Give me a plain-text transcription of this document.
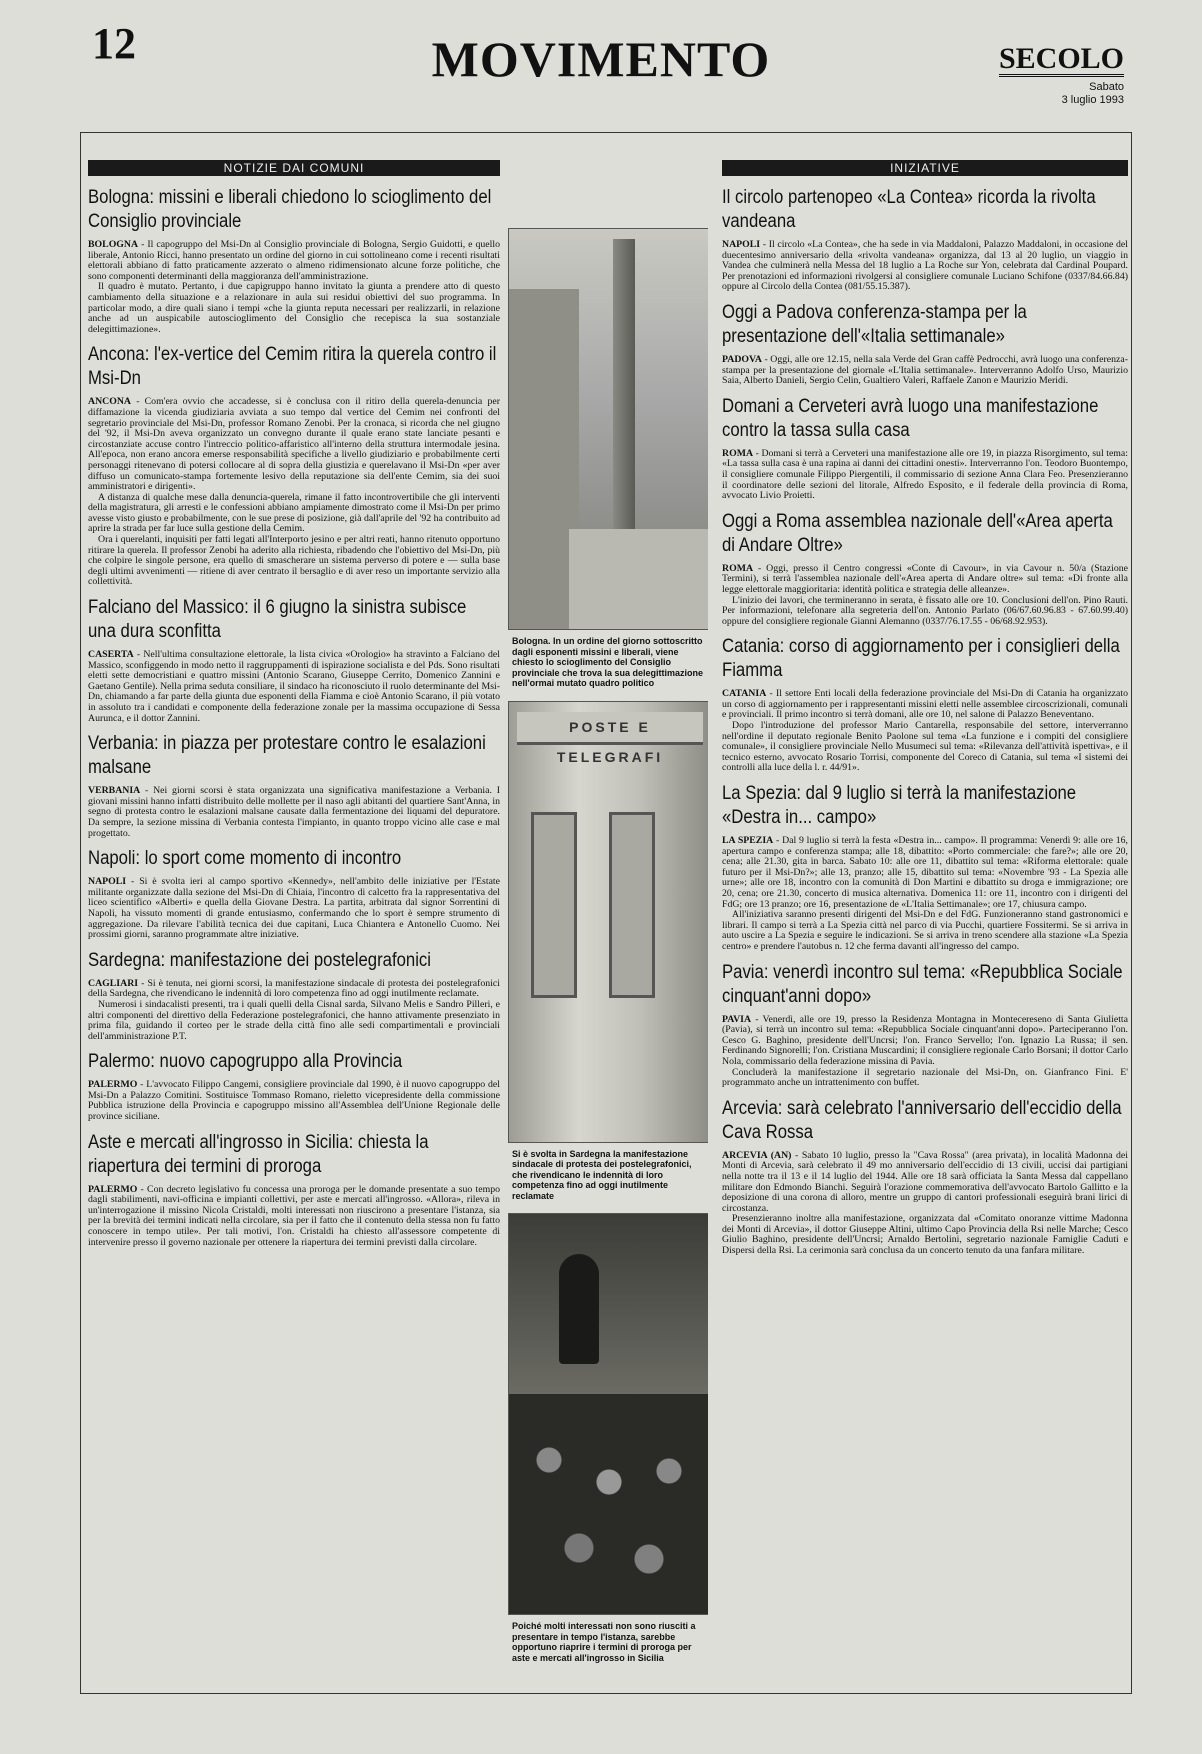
12	MOVIMENTO	SECOLO
Sabato
3 luglio 1993
NOTIZIE DAI COMUNI
Bologna: missini e liberali chiedono lo scioglimento del Consiglio provinciale
BOLOGNA - Il capogruppo del Msi-Dn al Consiglio provinciale di Bologna, Sergio Guidotti, e quello liberale, Antonio Ricci, hanno presentato un ordine del giorno in cui sottolineano come i recenti risultati elettorali abbiano di fatto praticamente azzerato o almeno ridimensionato alcune forze politiche, che sono componenti determinanti della maggioranza dell'amministrazione.
Il quadro è mutato. Pertanto, i due capigruppo hanno invitato la giunta a prendere atto di questo cambiamento della situazione e a relazionare in aula sui residui obiettivi del suo programma. In particolar modo, a dire quali siano i tempi «che la giunta reputa necessari per realizzarli, in relazione anche ad un auspicabile autoscioglimento del Consiglio che recepisca la sua sostanziale delegittimazione».
Ancona: l'ex-vertice del Cemim ritira la querela contro il Msi-Dn
ANCONA - Com'era ovvio che accadesse, si è conclusa con il ritiro della querela-denuncia per diffamazione la vicenda giudiziaria avviata a suo tempo dal vertice del Cemim nei confronti del segretario provinciale del Msi-Dn, professor Romano Zenobi. Per la cronaca, si ricorda che nel giugno del '92, il Msi-Dn aveva organizzato un convegno durante il quale erano state lanciate pesanti e circostanziate accuse contro l'intreccio politico-affaristico all'interno della struttura intermodale jesina. All'epoca, non erano ancora emerse responsabilità specifiche a livello giudiziario e probabilmente certi personaggi ritenevano di potersi collocare al di sopra della giustizia e querelavano il Msi-Dn «per aver diffuso un comunicato-stampa fortemente lesivo della reputazione sia dell'ente Cemim, sia dei suoi amministratori e dirigenti».
A distanza di qualche mese dalla denuncia-querela, rimane il fatto incontrovertibile che gli interventi della magistratura, gli arresti e le confessioni abbiano ampiamente dimostrato come il Msi-Dn per primo avesse visto giusto e probabilmente, con le sue prese di posizione, già dall'aprile del '92 ha contribuito ad aprire la strada per far luce sulla gestione della Cemim.
Ora i querelanti, inquisiti per fatti legati all'Interporto jesino e per altri reati, hanno ritenuto opportuno ritirare la querela. Il professor Zenobi ha aderito alla richiesta, ribadendo che l'obiettivo del Msi-Dn, più che colpire le singole persone, era quello di smascherare un sistema perverso di potere e — sulla base degli ultimi avvenimenti — ritiene di aver centrato il bersaglio e di aver reso un importante servizio alla collettività.
Falciano del Massico: il 6 giugno la sinistra subisce una dura sconfitta
CASERTA - Nell'ultima consultazione elettorale, la lista civica «Orologio» ha stravinto a Falciano del Massico, sconfiggendo in modo netto il raggruppamenti di ispirazione socialista e del Pds. Sono risultati eletti sette democristiani e quattro missini (Antonio Scarano, Giuseppe Cerrito, Domenico Zannini e Gaetano Gentile). Nella prima seduta consiliare, il sindaco ha riconosciuto il ruolo determinante del Msi-Dn, chiamando a far parte della giunta due esponenti della Fiamma e cioè Antonio Scarano, il più votato in assoluto tra i candidati e componente della federazione zonale per la massima occupazione di Sessa Aurunca, e il dottor Zannini.
Verbania: in piazza per protestare contro le esalazioni malsane
VERBANIA - Nei giorni scorsi è stata organizzata una significativa manifestazione a Verbania. I giovani missini hanno infatti distribuito delle mollette per il naso agli abitanti del quartiere Sant'Anna, in segno di protesta contro le esalazioni malsane causate dalla fermentazione dei liquami del depuratore. Da sempre, la sezione missina di Verbania contesta l'impianto, in quanto troppo vicino alle case e mal progettato.
Napoli: lo sport come momento di incontro
NAPOLI - Si è svolta ieri al campo sportivo «Kennedy», nell'ambito delle iniziative per l'Estate militante organizzate dalla sezione del Msi-Dn di Chiaia, l'incontro di calcetto fra la rappresentativa del liceo scientifico «Alberti» e quella della Giovane Destra. La partita, arbitrata dal signor Sorrentini di Napoli, ha vissuto momenti di grande entusiasmo, confermando che lo sport è sempre strumento di aggregazione. Da rilevare l'abilità tecnica dei due capitani, Luca Chiantera e Antonello Cuomo. Nei prossimi giorni, saranno programmate altre iniziative.
Sardegna: manifestazione dei postelegrafonici
CAGLIARI - Si è tenuta, nei giorni scorsi, la manifestazione sindacale di protesta dei postelegrafonici della Sardegna, che rivendicano le indennità di loro competenza fino ad oggi inutilmente reclamate.
Numerosi i sindacalisti presenti, tra i quali quelli della Cisnal sarda, Silvano Melis e Sandro Pilleri, e altri componenti del direttivo della Federazione postelegrafonici, che hanno attivamente presenziato in prima fila, guidando il corteo per le strade della città fino alle sedi compartimentali e provinciali dell'amministrazione P.T.
Palermo: nuovo capogruppo alla Provincia
PALERMO - L'avvocato Filippo Cangemi, consigliere provinciale dal 1990, è il nuovo capogruppo del Msi-Dn a Palazzo Comitini. Sostituisce Tommaso Romano, rieletto vicepresidente della commissione Pubblica istruzione della Provincia e capogruppo missino all'Assemblea dell'Unione Regionale delle province siciliane.
Aste e mercati all'ingrosso in Sicilia: chiesta la riapertura dei termini di proroga
PALERMO - Con decreto legislativo fu concessa una proroga per le domande presentate a suo tempo dagli stabilimenti, navi-officina e impianti collettivi, per aste e mercati all'ingrosso. «Allora», rileva in un'interrogazione il missino Nicola Cristaldi, molti interessati non riuscirono a presentare l'istanza, sia per la brevità dei termini indicati nella circolare, sia per il fatto che il contenuto della stessa non fu fatto conoscere in tempo utile». Per tali motivi, l'on. Cristaldi ha chiesto all'assessore competente di intervenire presso il governo nazionale per ottenere la riapertura dei termini previsti dalla circolare.
Bologna. In un ordine del giorno sottoscritto dagli esponenti missini e liberali, viene chiesto lo scioglimento del Consiglio provinciale che trova la sua delegittimazione nell'ormai mutato quadro politico
POSTE E TELEGRAFI
Si è svolta in Sardegna la manifestazione sindacale di protesta dei postelegrafonici, che rivendicano le indennità di loro competenza fino ad oggi inutilmente reclamate
Poiché molti interessati non sono riusciti a presentare in tempo l'istanza, sarebbe opportuno riaprire i termini di proroga per aste e mercati all'ingrosso in Sicilia
INIZIATIVE
Il circolo partenopeo «La Contea» ricorda la rivolta vandeana
NAPOLI - Il circolo «La Contea», che ha sede in via Maddaloni, Palazzo Maddaloni, in occasione del duecentesimo anniversario della «rivolta vandeana» organizza, dal 13 al 20 luglio, un viaggio in Vandea che culminerà nella Messa del 18 luglio a La Roche sur Yon, celebrata dal Cardinal Poupard. Per prenotazioni ed informazioni rivolgersi al consigliere comunale Luciano Schifone (0337/84.66.84) oppure al Circolo della Contea (081/55.15.387).
Oggi a Padova conferenza-stampa per la presentazione dell'«Italia settimanale»
PADOVA - Oggi, alle ore 12.15, nella sala Verde del Gran caffè Pedrocchi, avrà luogo una conferenza-stampa per la presentazione del giornale «L'Italia settimanale». Interverranno Adolfo Urso, Maurizio Saia, Alberto Danieli, Sergio Celin, Gualtiero Valeri, Raffaele Zanon e Maurizio Meridi.
Domani a Cerveteri avrà luogo una manifestazione contro la tassa sulla casa
ROMA - Domani si terrà a Cerveteri una manifestazione alle ore 19, in piazza Risorgimento, sul tema: «La tassa sulla casa è una rapina ai danni dei cittadini onesti». Interverranno l'on. Teodoro Buontempo, il consigliere comunale Filippo Piergentili, il commissario di sezione Anna Clara Feo. Presenzieranno il coordinatore delle sezioni del litorale, Alfredo Esposito, e il federale della provincia di Roma, avvocato Livio Proietti.
Oggi a Roma assemblea nazionale dell'«Area aperta di Andare Oltre»
ROMA - Oggi, presso il Centro congressi «Conte di Cavour», in via Cavour n. 50/a (Stazione Termini), si terrà l'assemblea nazionale dell'«Area aperta di Andare oltre» sul tema: «Di fronte alla legge elettorale maggioritaria: identità politica e strategia delle alleanze».
L'inizio dei lavori, che termineranno in serata, è fissato alle ore 10. Conclusioni dell'on. Pino Rauti. Per informazioni, telefonare alla segreteria dell'on. Antonio Parlato (06/67.60.96.83 - 67.60.99.40) oppure del consigliere regionale Gianni Alemanno (0337/76.17.55 - 06/68.92.953).
Catania: corso di aggiornamento per i consiglieri della Fiamma
CATANIA - Il settore Enti locali della federazione provinciale del Msi-Dn di Catania ha organizzato un corso di aggiornamento per i rappresentanti missini eletti nelle assemblee circoscrizionali, comunali e provinciali. Il primo incontro si terrà domani, alle ore 10, nel salone di Palazzo Beneventano.
Dopo l'introduzione del professor Mario Cantarella, responsabile del settore, interverranno nell'ordine il deputato regionale Benito Paolone sul tema «La funzione e i compiti del consigliere comunale», il consigliere provinciale Nello Musumeci sul tema: «Rilevanza dell'attività ispettiva», e il tecnico esterno, avvocato Rosario Torrisi, componente del Coreco di Catania, sul tema «I sistemi dei controlli alla luce della l. r. 44/91».
La Spezia: dal 9 luglio si terrà la manifestazione «Destra in... campo»
LA SPEZIA - Dal 9 luglio si terrà la festa «Destra in... campo». Il programma: Venerdì 9: alle ore 16, apertura campo e conferenza stampa; alle 18, dibattito: «Porto commerciale: che fare?»; alle ore 20, cena; alle 21.30, gita in barca. Sabato 10: alle ore 11, dibattito sul tema: «Riforma elettorale: quale futuro per il Msi-Dn?»; alle 13, pranzo; alle 15, dibattito sul tema: «Novembre '93 - La Spezia alle urne»; alle ore 18, incontro con la comunità di Don Martini e dibattito su droga e immigrazione; ore 20, cena; ore 21.30, concerto di musica alternativa. Domenica 11: ore 11, incontro con i dirigenti del FdG; ore 13 pranzo; ore 16, presentazione de «L'Italia Settimanale»; ore 17, chiusura campo.
All'iniziativa saranno presenti dirigenti del Msi-Dn e del FdG. Funzioneranno stand gastronomici e librari. Il campo si terrà a La Spezia città nel parco di via Pucchi, quartiere Fossitermi. Se si arriva in auto uscire a La Spezia e seguire le indicazioni. Se si arriva in treno scendere alla stazione «La Spezia centro» e prendere l'autobus n. 12 che ferma davanti all'ingresso del campo.
Pavia: venerdì incontro sul tema: «Repubblica Sociale cinquant'anni dopo»
PAVIA - Venerdì, alle ore 19, presso la Residenza Montagna in Montecereseno di Santa Giulietta (Pavia), si terrà un incontro sul tema: «Repubblica Sociale cinquant'anni dopo». Parteciperanno l'on. Cesco G. Baghino, presidente dell'Uncrsi; l'on. Franco Servello; l'on. Ignazio La Russa; il sen. Ferdinando Signorelli; l'on. Cristiana Muscardini; il consigliere regionale Carlo Borsani; il dottor Carlo Nola, commissario della federazione missina di Pavia.
Concluderà la manifestazione il segretario nazionale del Msi-Dn, on. Gianfranco Fini. E' programmato anche un intrattenimento con buffet.
Arcevia: sarà celebrato l'anniversario dell'eccidio della Cava Rossa
ARCEVIA (AN) - Sabato 10 luglio, presso la "Cava Rossa" (area privata), in località Madonna dei Monti di Arcevia, sarà celebrato il 49 mo anniversario dell'eccidio di 13 civili, uccisi dai partigiani nella notte tra il 13 e il 14 luglio del 1944. Alle ore 18 sarà officiata la Santa Messa dal cappellano militare don Edmondo Bianchi. Seguirà l'orazione commemorativa dell'avvocato Bartolo Gallitto e la deposizione di una corona di alloro, mentre un gruppo di cantori professionali eseguirà brani lirici di circostanza.
Presenzieranno inoltre alla manifestazione, organizzata dal «Comitato onoranze vittime Madonna dei Monti di Arcevia», il dottor Giuseppe Altini, ultimo Capo Provincia della Rsi nelle Marche; Cesco Giulio Baghino, presidente dell'Uncrsi; Arnaldo Bertolini, segretario nazionale Famiglie Caduti e Dispersi della Rsi. La cerimonia sarà conclusa da un concerto tenuto da una fanfara militare.
